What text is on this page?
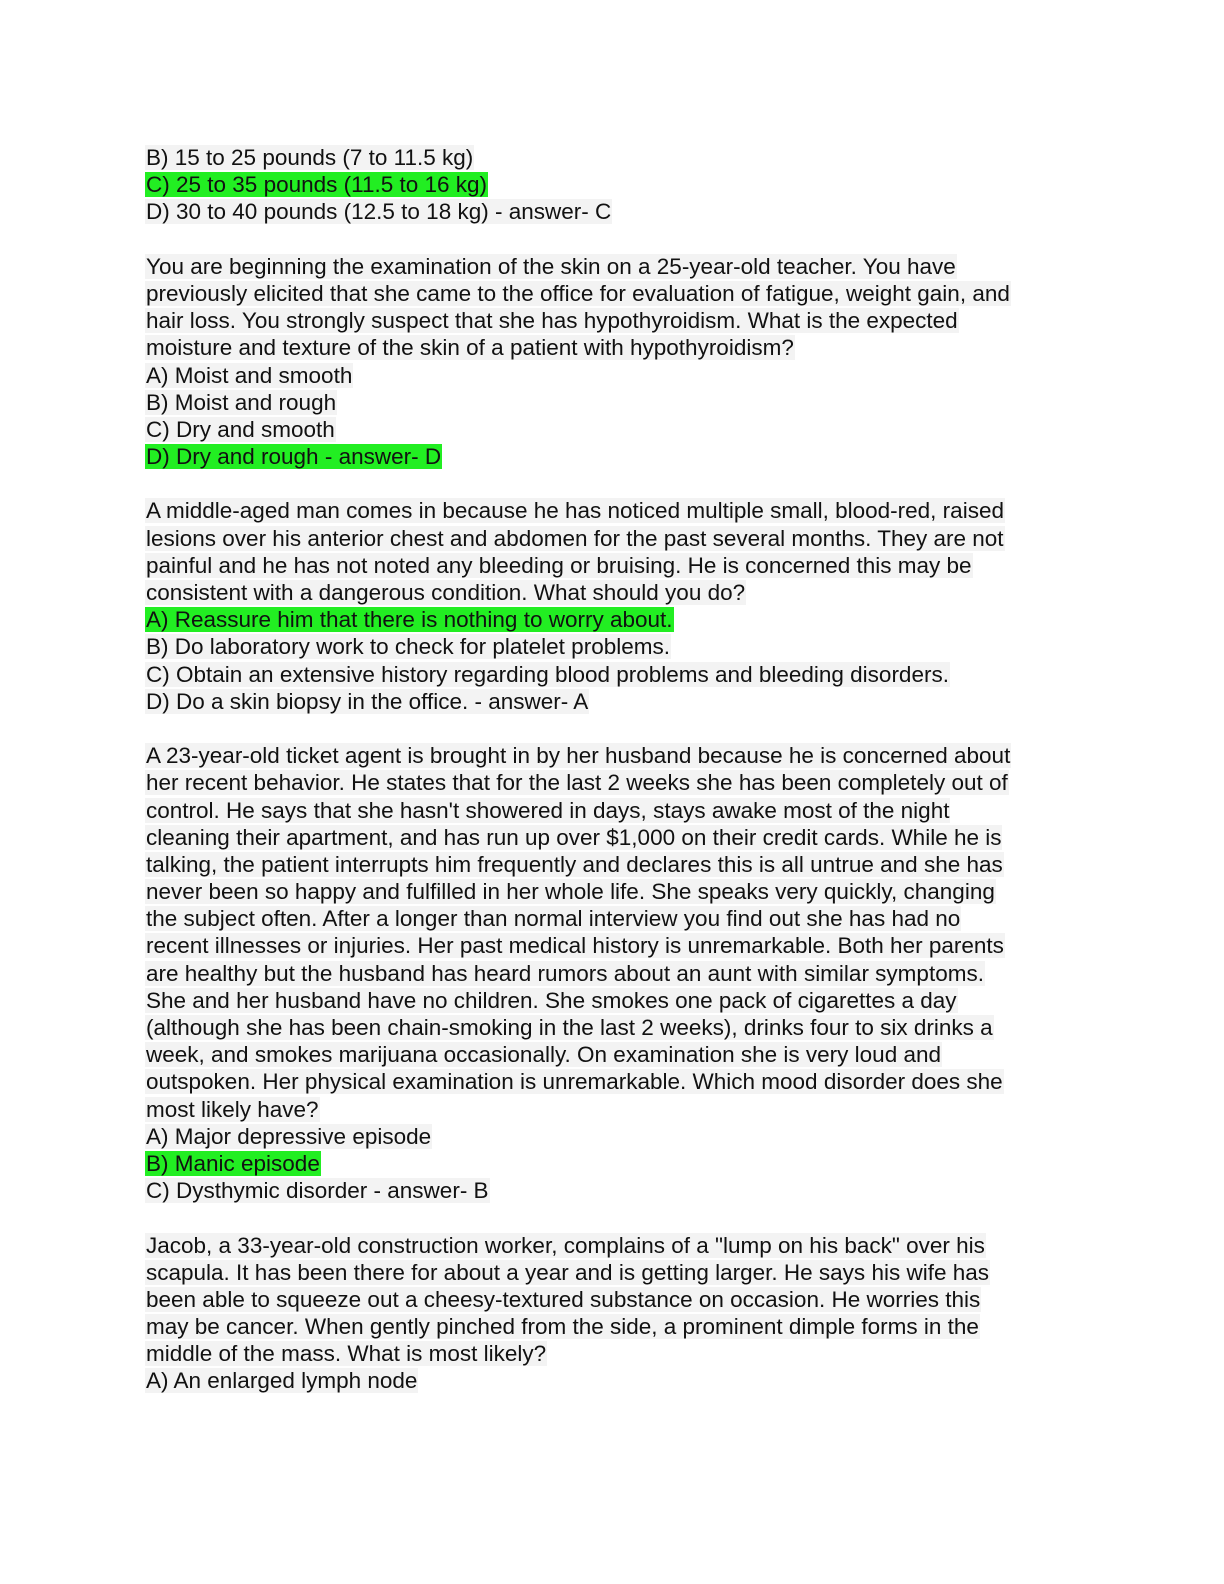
B) 15 to 25 pounds (7 to 11.5 kg)
C) 25 to 35 pounds (11.5 to 16 kg)
D) 30 to 40 pounds (12.5 to 18 kg) - answer- C
You are beginning the examination of the skin on a 25-year-old teacher. You have
previously elicited that she came to the office for evaluation of fatigue, weight gain, and
hair loss. You strongly suspect that she has hypothyroidism. What is the expected
moisture and texture of the skin of a patient with hypothyroidism?
A) Moist and smooth
B) Moist and rough
C) Dry and smooth
D) Dry and rough - answer- D
A middle-aged man comes in because he has noticed multiple small, blood-red, raised
lesions over his anterior chest and abdomen for the past several months. They are not
painful and he has not noted any bleeding or bruising. He is concerned this may be
consistent with a dangerous condition. What should you do?
A) Reassure him that there is nothing to worry about.
B) Do laboratory work to check for platelet problems.
C) Obtain an extensive history regarding blood problems and bleeding disorders.
D) Do a skin biopsy in the office. - answer- A
A 23-year-old ticket agent is brought in by her husband because he is concerned about
her recent behavior. He states that for the last 2 weeks she has been completely out of
control. He says that she hasn't showered in days, stays awake most of the night
cleaning their apartment, and has run up over $1,000 on their credit cards. While he is
talking, the patient interrupts him frequently and declares this is all untrue and she has
never been so happy and fulfilled in her whole life. She speaks very quickly, changing
the subject often. After a longer than normal interview you find out she has had no
recent illnesses or injuries. Her past medical history is unremarkable. Both her parents
are healthy but the husband has heard rumors about an aunt with similar symptoms.
She and her husband have no children. She smokes one pack of cigarettes a day
(although she has been chain-smoking in the last 2 weeks), drinks four to six drinks a
week, and smokes marijuana occasionally. On examination she is very loud and
outspoken. Her physical examination is unremarkable. Which mood disorder does she
most likely have?
A) Major depressive episode
B) Manic episode
C) Dysthymic disorder - answer- B
Jacob, a 33-year-old construction worker, complains of a "lump on his back" over his
scapula. It has been there for about a year and is getting larger. He says his wife has
been able to squeeze out a cheesy-textured substance on occasion. He worries this
may be cancer. When gently pinched from the side, a prominent dimple forms in the
middle of the mass. What is most likely?
A) An enlarged lymph node
